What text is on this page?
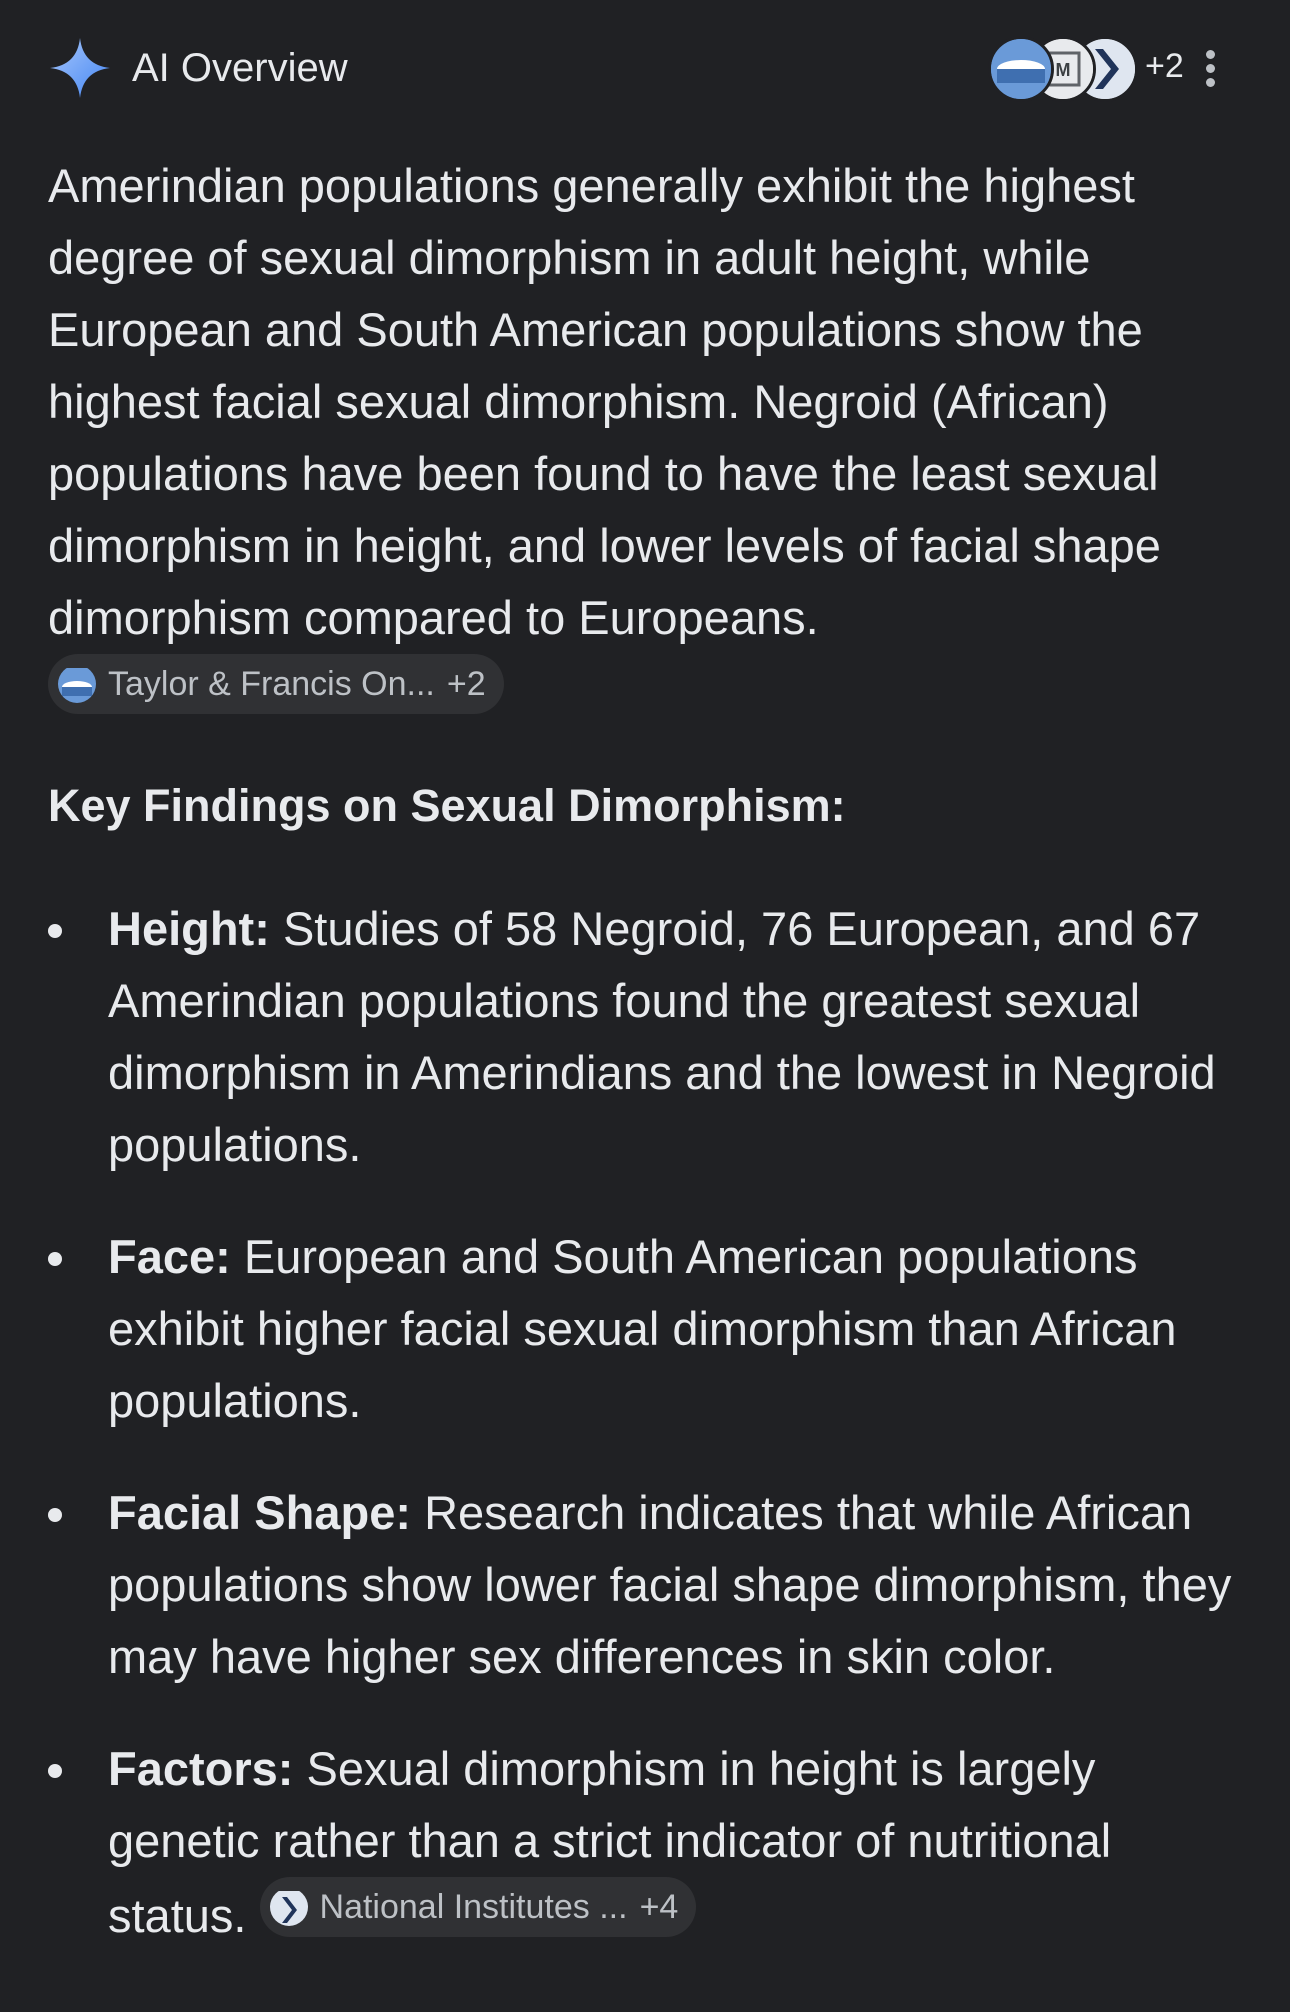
AI Overview	M +2

Amerindian populations generally exhibit the highest degree of sexual dimorphism in adult height, while European and South American populations show the highest facial sexual dimorphism. Negroid (African) populations have been found to have the least sexual dimorphism in height, and lower levels of facial shape dimorphism compared to Europeans.
Taylor & Francis On... +2

Key Findings on Sexual Dimorphism:
Height: Studies of 58 Negroid, 76 European, and 67 Amerindian populations found the greatest sexual dimorphism in Amerindians and the lowest in Negroid populations.
Face: European and South American populations exhibit higher facial sexual dimorphism than African populations.
Facial Shape: Research indicates that while African populations show lower facial shape dimorphism, they may have higher sex differences in skin color.
Factors: Sexual dimorphism in height is largely genetic rather than a strict indicator of nutritional status. National Institutes ... +4
